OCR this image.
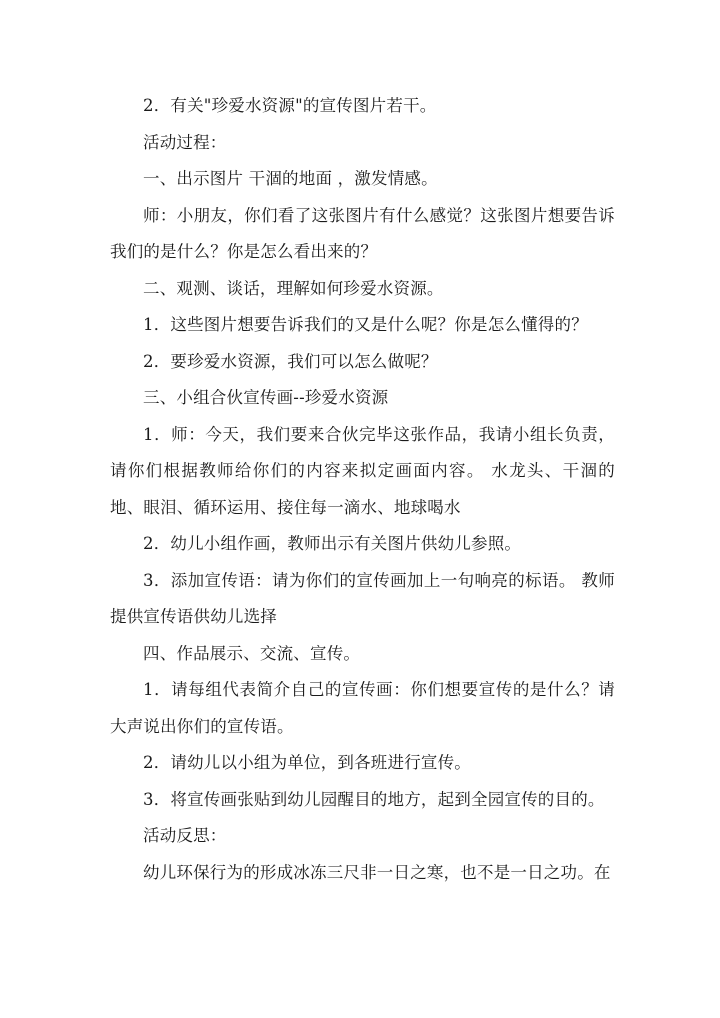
2．有关"珍爱水资源"的宣传图片若干。

活动过程：

一、出示图片 干涸的地面 ，激发情感。

师：小朋友，你们看了这张图片有什么感觉？这张图片想要告诉我们的是什么？你是怎么看出来的？

二、观测、谈话，理解如何珍爱水资源。

1．这些图片想要告诉我们的又是什么呢？你是怎么懂得的？

2．要珍爱水资源，我们可以怎么做呢？

三、小组合伙宣传画--珍爱水资源

1．师：今天，我们要来合伙完毕这张作品，我请小组长负责，请你们根据教师给你们的内容来拟定画面内容。 水龙头、干涸的地、眼泪、循环运用、接住每一滴水、地球喝水

2．幼儿小组作画，教师出示有关图片供幼儿参照。

3．添加宣传语：请为你们的宣传画加上一句响亮的标语。 教师提供宣传语供幼儿选择

四、作品展示、交流、宣传。

1．请每组代表简介自己的宣传画：你们想要宣传的是什么？请大声说出你们的宣传语。

2．请幼儿以小组为单位，到各班进行宣传。

3．将宣传画张贴到幼儿园醒目的地方，起到全园宣传的目的。

活动反思：

幼儿环保行为的形成冰冻三尺非一日之寒，也不是一日之功。在
